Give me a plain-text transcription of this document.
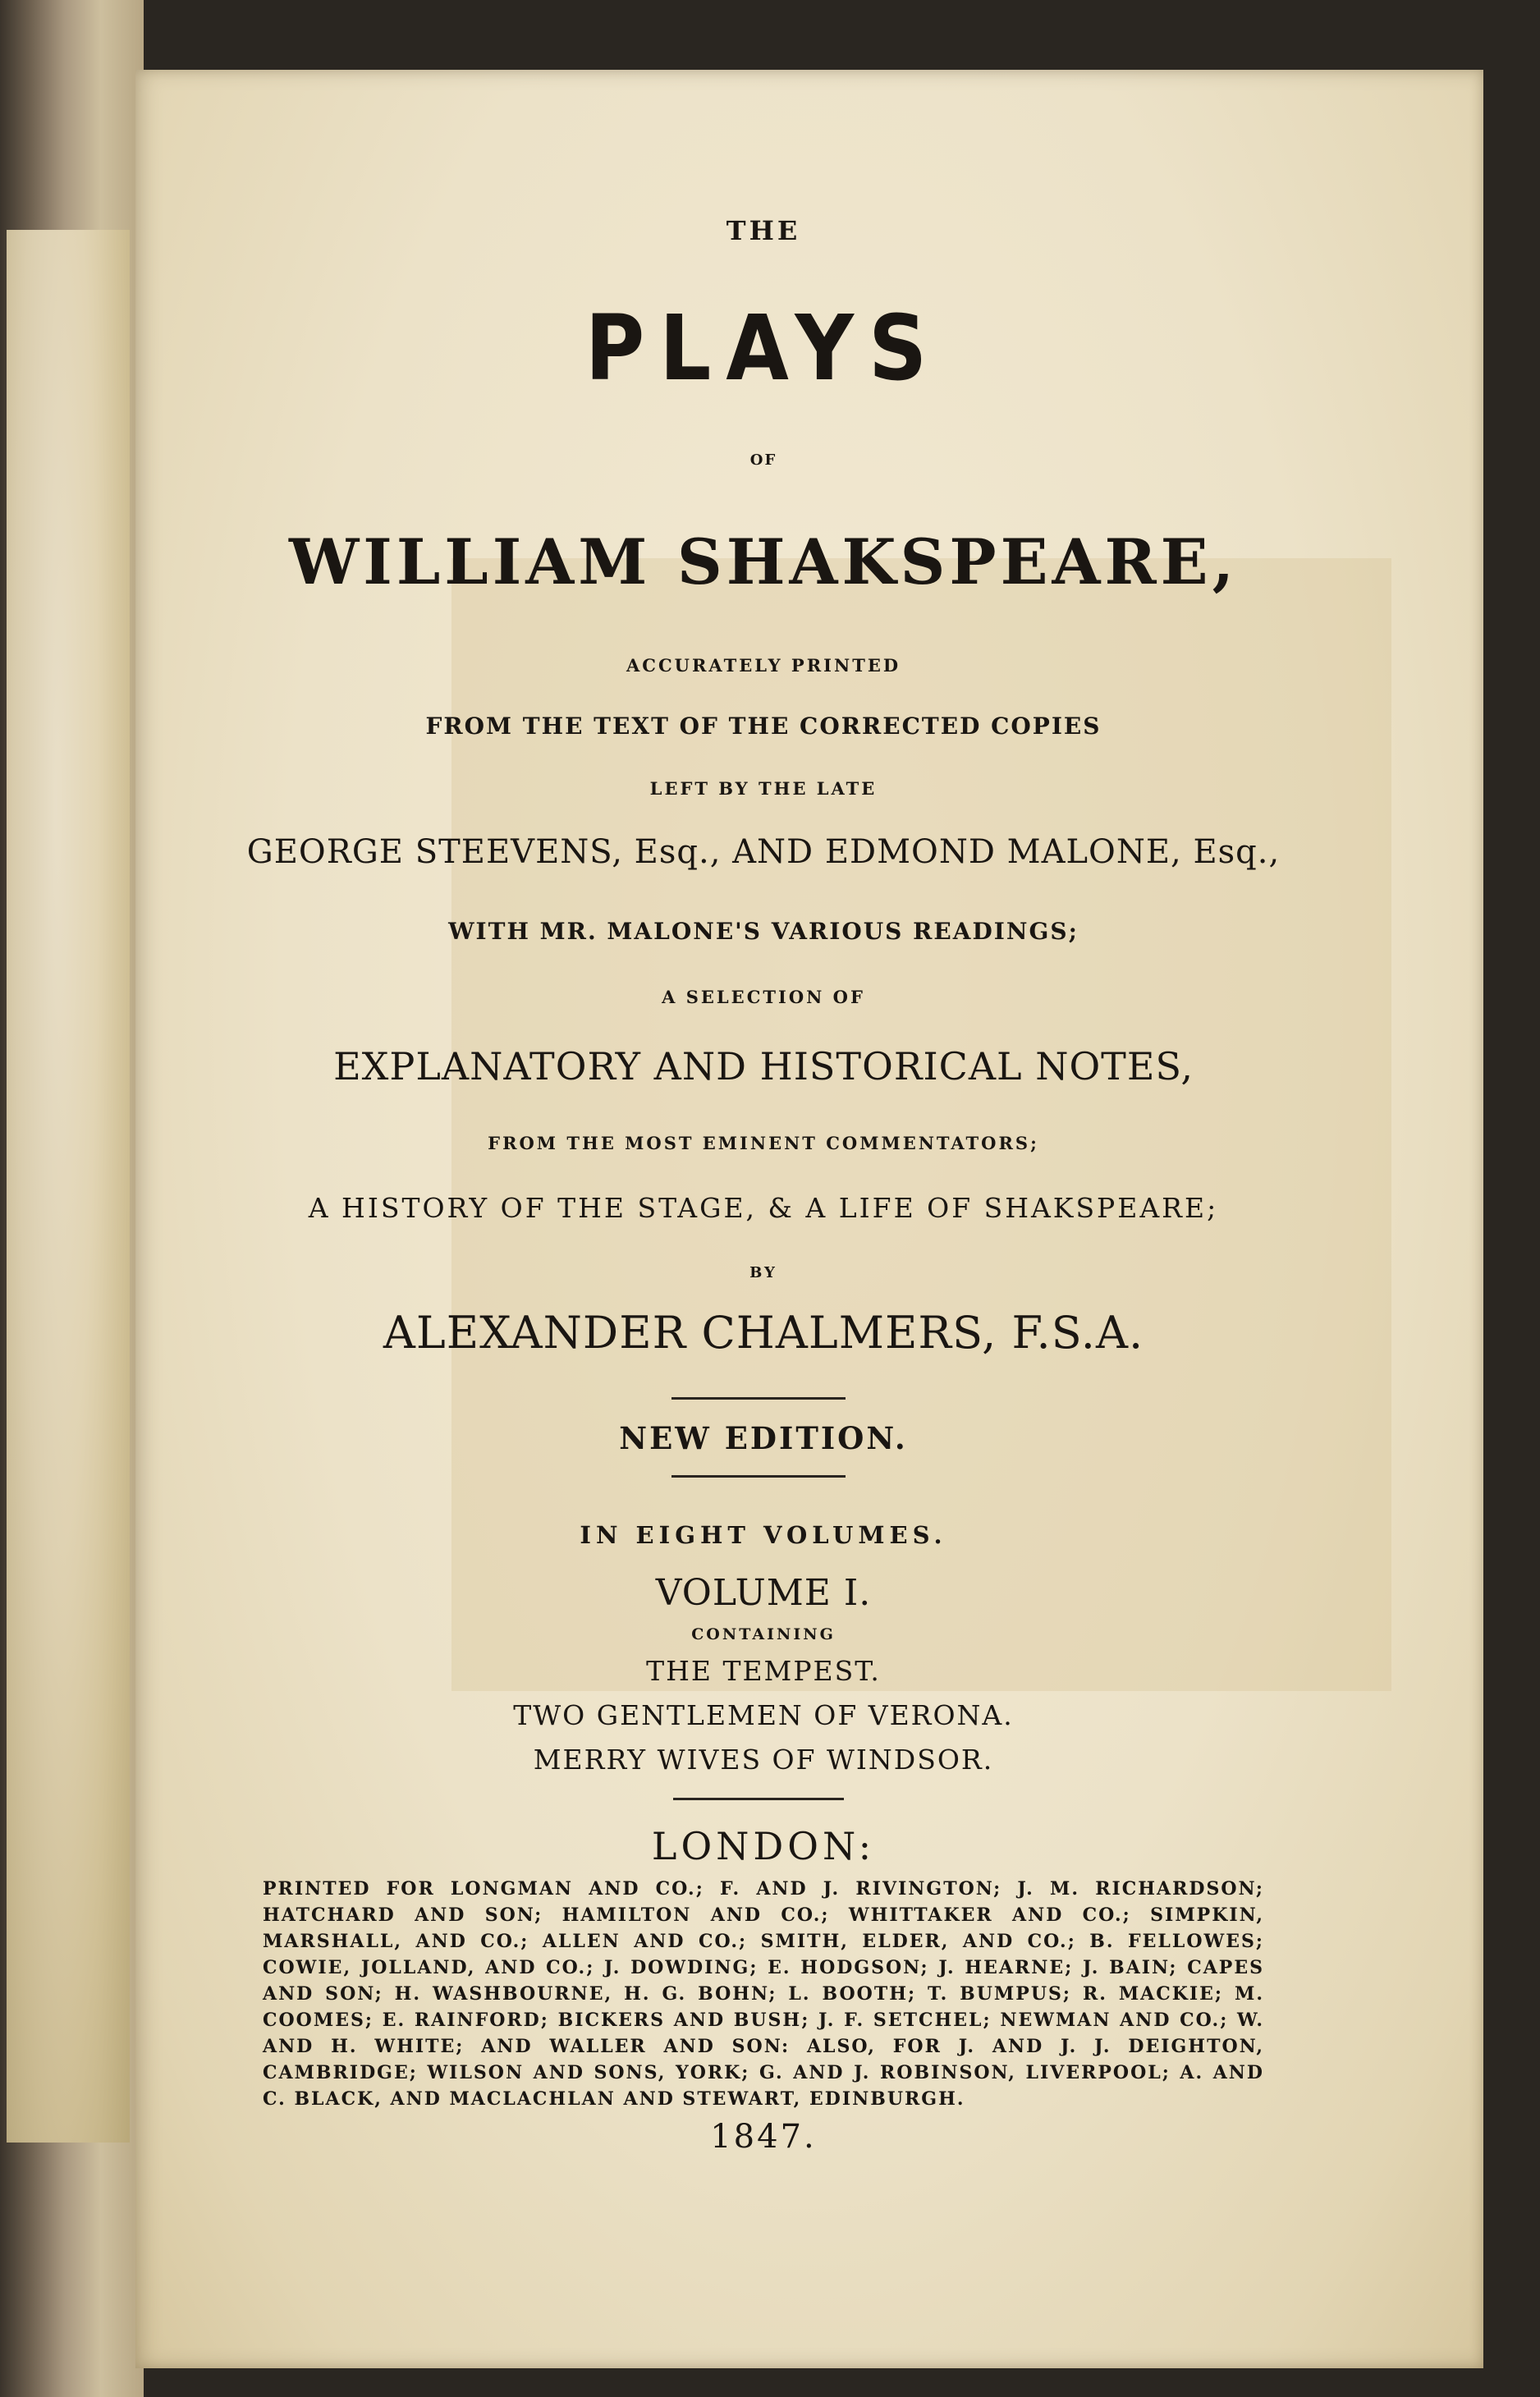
THE
PLAYS
OF
WILLIAM SHAKSPEARE,
ACCURATELY PRINTED
FROM THE TEXT OF THE CORRECTED COPIES
LEFT BY THE LATE
GEORGE STEEVENS, Esq., AND EDMOND MALONE, Esq.,
WITH MR. MALONE'S VARIOUS READINGS;
A SELECTION OF
EXPLANATORY AND HISTORICAL NOTES,
FROM THE MOST EMINENT COMMENTATORS;
A HISTORY OF THE STAGE, & A LIFE OF SHAKSPEARE;
BY
ALEXANDER CHALMERS, F.S.A.
NEW EDITION.
IN EIGHT VOLUMES.
VOLUME I.
CONTAINING
THE TEMPEST.
TWO GENTLEMEN OF VERONA.
MERRY WIVES OF WINDSOR.
LONDON:
PRINTED FOR LONGMAN AND CO.; F. AND J. RIVINGTON; J. M. RICHARDSON; HATCHARD AND SON; HAMILTON AND CO.; WHITTAKER AND CO.; SIMPKIN, MARSHALL, AND CO.; ALLEN AND CO.; SMITH, ELDER, AND CO.; B. FELLOWES; COWIE, JOLLAND, AND CO.; J. DOWDING; E. HODGSON; J. HEARNE; J. BAIN; CAPES AND SON; H. WASHBOURNE, H. G. BOHN; L. BOOTH; T. BUMPUS; R. MACKIE; M. COOMES; E. RAINFORD; BICKERS AND BUSH; J. F. SETCHEL; NEWMAN AND CO.; W. AND H. WHITE; AND WALLER AND SON: ALSO, FOR J. AND J. J. DEIGHTON, CAMBRIDGE; WILSON AND SONS, YORK; G. AND J. ROBINSON, LIVERPOOL; A. AND C. BLACK, AND MACLACHLAN AND STEWART, EDINBURGH.
1847.
